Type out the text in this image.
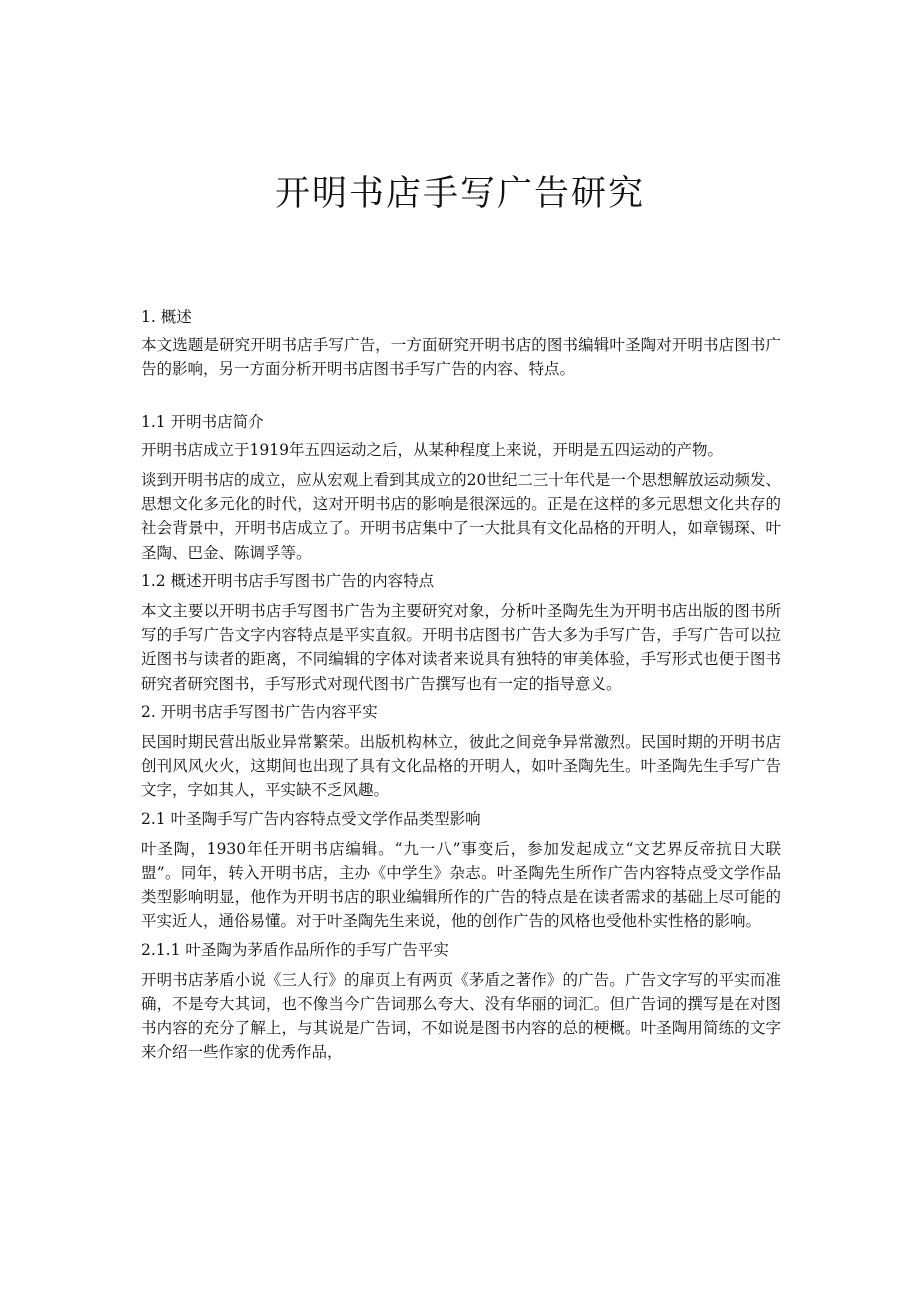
开明书店手写广告研究
1. 概述

本文选题是研究开明书店手写广告，一方面研究开明书店的图书编辑叶圣陶对开明书店图书广告的影响，另一方面分析开明书店图书手写广告的内容、特点。

1.1 开明书店简介

开明书店成立于1919年五四运动之后，从某种程度上来说，开明是五四运动的产物。

谈到开明书店的成立，应从宏观上看到其成立的20世纪二三十年代是一个思想解放运动频发、思想文化多元化的时代，这对开明书店的影响是很深远的。正是在这样的多元思想文化共存的社会背景中，开明书店成立了。开明书店集中了一大批具有文化品格的开明人，如章锡琛、叶圣陶、巴金、陈调孚等。

1.2 概述开明书店手写图书广告的内容特点

本文主要以开明书店手写图书广告为主要研究对象，分析叶圣陶先生为开明书店出版的图书所写的手写广告文字内容特点是平实直叙。开明书店图书广告大多为手写广告，手写广告可以拉近图书与读者的距离，不同编辑的字体对读者来说具有独特的审美体验，手写形式也便于图书研究者研究图书，手写形式对现代图书广告撰写也有一定的指导意义。

2. 开明书店手写图书广告内容平实

民国时期民营出版业异常繁荣。出版机构林立，彼此之间竞争异常激烈。民国时期的开明书店创刊风风火火，这期间也出现了具有文化品格的开明人，如叶圣陶先生。叶圣陶先生手写广告文字，字如其人，平实缺不乏风趣。

2.1 叶圣陶手写广告内容特点受文学作品类型影响

叶圣陶，1930年任开明书店编辑。“九一八”事变后，参加发起成立“文艺界反帝抗日大联盟”。同年，转入开明书店，主办《中学生》杂志。叶圣陶先生所作广告内容特点受文学作品类型影响明显，他作为开明书店的职业编辑所作的广告的特点是在读者需求的基础上尽可能的平实近人，通俗易懂。对于叶圣陶先生来说，他的创作广告的风格也受他朴实性格的影响。

2.1.1 叶圣陶为茅盾作品所作的手写广告平实

开明书店茅盾小说《三人行》的扉页上有两页《茅盾之著作》的广告。广告文字写的平实而准确，不是夸大其词，也不像当今广告词那么夸大、没有华丽的词汇。但广告词的撰写是在对图书内容的充分了解上，与其说是广告词，不如说是图书内容的总的梗概。叶圣陶用简练的文字来介绍一些作家的优秀作品，
